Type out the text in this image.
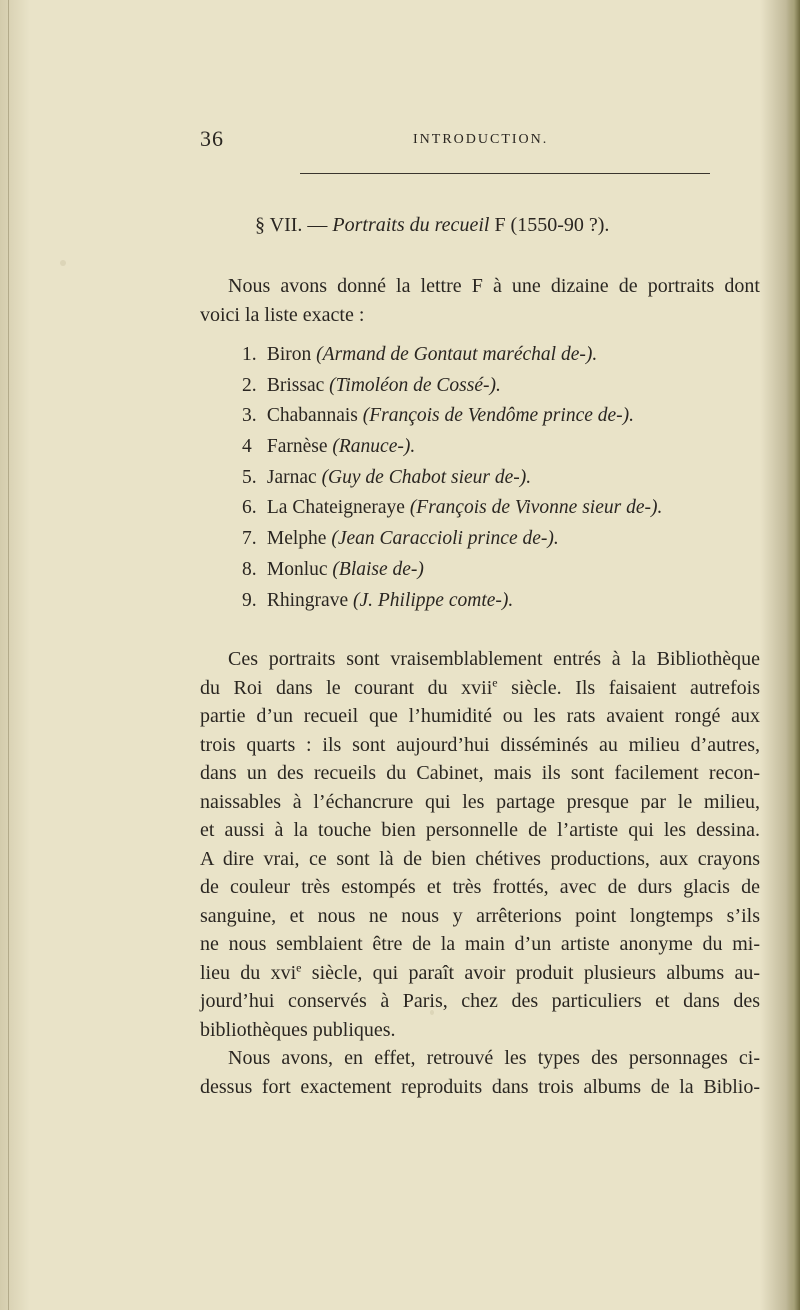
36	INTRODUCTION.
§ VII. — Portraits du recueil F (1550-90 ?).
Nous avons donné la lettre F à une dizaine de portraits dont
voici la liste exacte :
1. Biron (Armand de Gontaut maréchal de-).
2. Brissac (Timoléon de Cossé-).
3. Chabannais (François de Vendôme prince de-).
4 Farnèse (Ranuce-).
5. Jarnac (Guy de Chabot sieur de-).
6. La Chateigneraye (François de Vivonne sieur de-).
7. Melphe (Jean Caraccioli prince de-).
8. Monluc (Blaise de-)
9. Rhingrave (J. Philippe comte-).
Ces portraits sont vraisemblablement entrés à la Bibliothèque
du Roi dans le courant du xvii$^e$ siècle. Ils faisaient autrefois
partie d’un recueil que l’humidité ou les rats avaient rongé aux
trois quarts : ils sont aujourd’hui disséminés au milieu d’autres,
dans un des recueils du Cabinet, mais ils sont facilement recon-
naissables à l’échancrure qui les partage presque par le milieu,
et aussi à la touche bien personnelle de l’artiste qui les dessina.
A dire vrai, ce sont là de bien chétives productions, aux crayons
de couleur très estompés et très frottés, avec de durs glacis de
sanguine, et nous ne nous y arrêterions point longtemps s’ils
ne nous semblaient être de la main d’un artiste anonyme du mi-
lieu du xvi$^e$ siècle, qui paraît avoir produit plusieurs albums au-
jourd’hui conservés à Paris, chez des particuliers et dans des
bibliothèques publiques.
Nous avons, en effet, retrouvé les types des personnages ci-
dessus fort exactement reproduits dans trois albums de la Biblio-
